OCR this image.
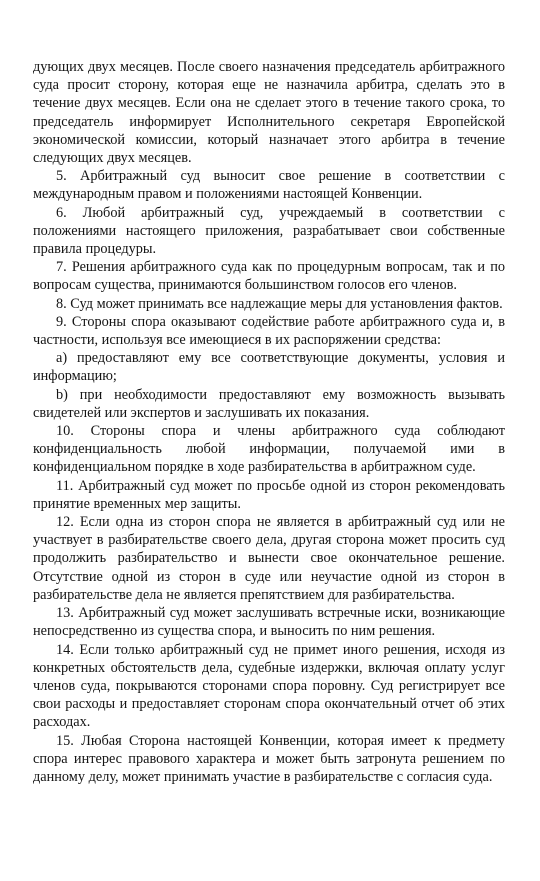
дующих двух месяцев. После своего назначения председатель арбитражного суда просит сторону, которая еще не назначила арбитра, сделать это в течение двух месяцев. Если она не сделает этого в течение такого срока, то председатель информирует Исполнительного секретаря Европейской экономической комиссии, который назначает этого арбитра в течение следующих двух месяцев.

5. Арбитражный суд выносит свое решение в соответствии с международным правом и положениями настоящей Конвенции.

6. Любой арбитражный суд, учреждаемый в соответствии с положениями настоящего приложения, разрабатывает свои собственные правила процедуры.

7. Решения арбитражного суда как по процедурным вопросам, так и по вопросам существа, принимаются большинством голосов его членов.

8. Суд может принимать все надлежащие меры для установления фактов.

9. Стороны спора оказывают содействие работе арбитражного суда и, в частности, используя все имеющиеся в их распоряжении средства:

а) предоставляют ему все соответствующие документы, условия и информацию;

b) при необходимости предоставляют ему возможность вызывать свидетелей или экспертов и заслушивать их показания.

10. Стороны спора и члены арбитражного суда соблюдают конфиденциальность любой информации, получаемой ими в конфиденциальном порядке в ходе разбирательства в арбитражном суде.

11. Арбитражный суд может по просьбе одной из сторон рекомендовать принятие временных мер защиты.

12. Если одна из сторон спора не является в арбитражный суд или не участвует в разбирательстве своего дела, другая сторона может просить суд продолжить разбирательство и вынести свое окончательное решение. Отсутствие одной из сторон в суде или неучастие одной из сторон в разбирательстве дела не является препятствием для разбирательства.

13. Арбитражный суд может заслушивать встречные иски, возникающие непосредственно из существа спора, и выносить по ним решения.

14. Если только арбитражный суд не примет иного решения, исходя из конкретных обстоятельств дела, судебные издержки, включая оплату услуг членов суда, покрываются сторонами спора поровну. Суд регистрирует все свои расходы и предоставляет сторонам спора окончательный отчет об этих расходах.

15. Любая Сторона настоящей Конвенции, которая имеет к предмету спора интерес правового характера и может быть затронута решением по данному делу, может принимать участие в разбирательстве с согласия суда.
